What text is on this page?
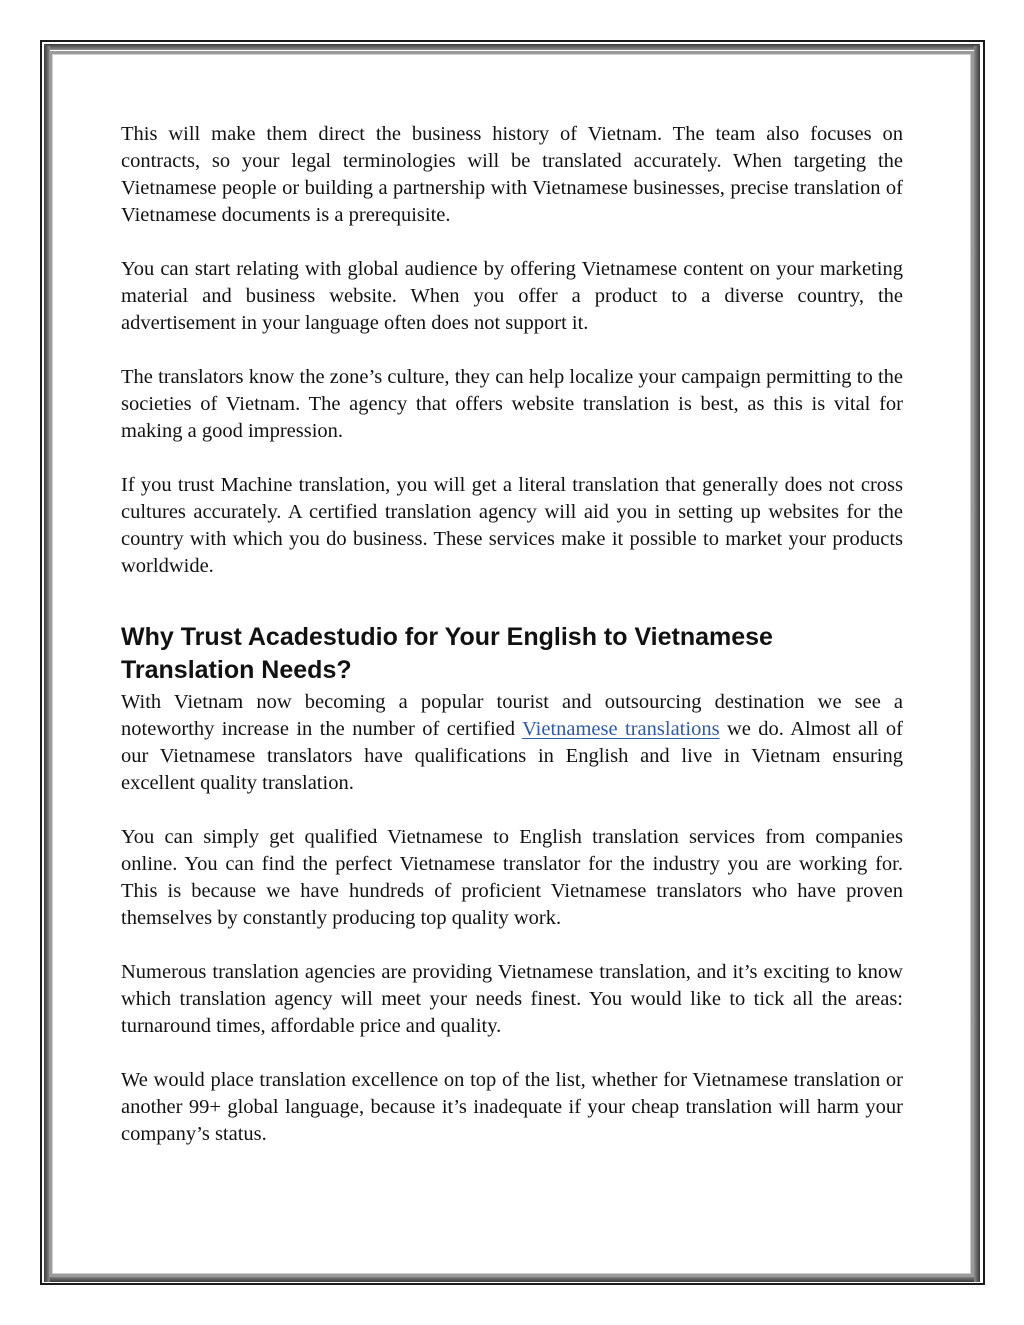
This will make them direct the business history of Vietnam. The team also focuses on contracts, so your legal terminologies will be translated accurately. When targeting the Vietnamese people or building a partnership with Vietnamese businesses, precise translation of Vietnamese documents is a prerequisite.

You can start relating with global audience by offering Vietnamese content on your marketing material and business website. When you offer a product to a diverse country, the advertisement in your language often does not support it.

The translators know the zone’s culture, they can help localize your campaign permitting to the societies of Vietnam. The agency that offers website translation is best, as this is vital for making a good impression.

If you trust Machine translation, you will get a literal translation that generally does not cross cultures accurately. A certified translation agency will aid you in setting up websites for the country with which you do business. These services make it possible to market your products worldwide.

Why Trust Acadestudio for Your English to Vietnamese Translation Needs?

With Vietnam now becoming a popular tourist and outsourcing destination we see a noteworthy increase in the number of certified Vietnamese translations we do. Almost all of our Vietnamese translators have qualifications in English and live in Vietnam ensuring excellent quality translation.

You can simply get qualified Vietnamese to English translation services from companies online. You can find the perfect Vietnamese translator for the industry you are working for. This is because we have hundreds of proficient Vietnamese translators who have proven themselves by constantly producing top quality work.

Numerous translation agencies are providing Vietnamese translation, and it’s exciting to know which translation agency will meet your needs finest. You would like to tick all the areas: turnaround times, affordable price and quality.

We would place translation excellence on top of the list, whether for Vietnamese translation or another 99+ global language, because it’s inadequate if your cheap translation will harm your company’s status.
